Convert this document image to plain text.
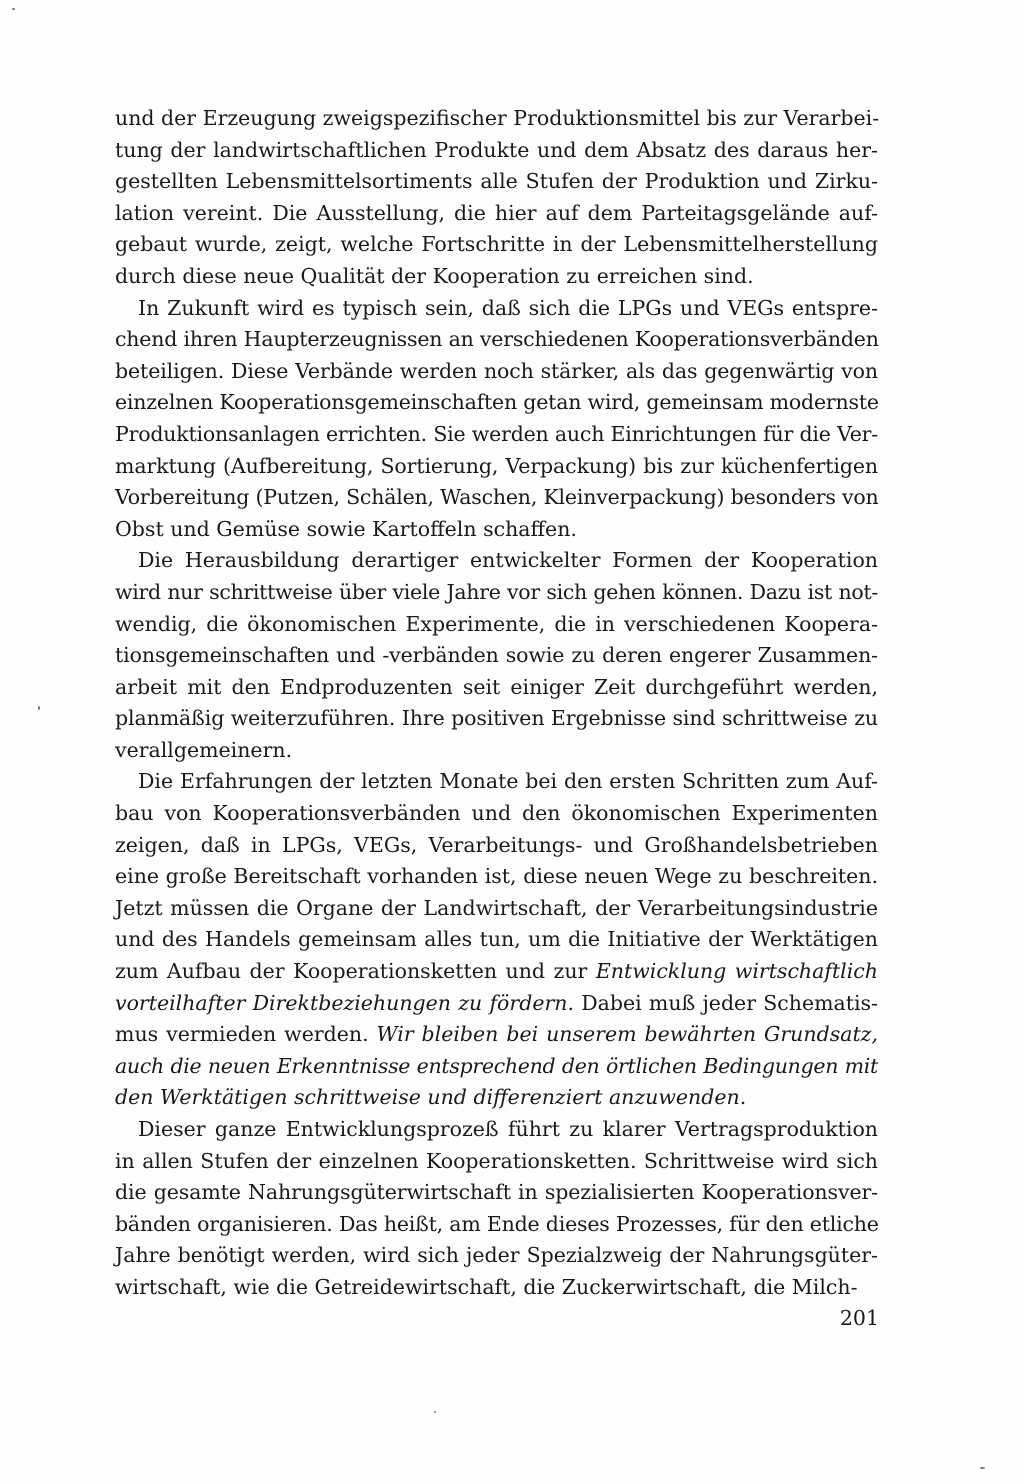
und der Erzeugung zweigspezifischer Produktionsmittel bis zur Verarbei-
tung der landwirtschaftlichen Produkte und dem Absatz des daraus her-
gestellten Lebensmittelsortiments alle Stufen der Produktion und Zirku-
lation vereint. Die Ausstellung, die hier auf dem Parteitagsgelände auf-
gebaut wurde, zeigt, welche Fortschritte in der Lebensmittelherstellung
durch diese neue Qualität der Kooperation zu erreichen sind.
In Zukunft wird es typisch sein, daß sich die LPGs und VEGs entspre-
chend ihren Haupterzeugnissen an verschiedenen Kooperationsverbänden
beteiligen. Diese Verbände werden noch stärker, als das gegenwärtig von
einzelnen Kooperationsgemeinschaften getan wird, gemeinsam modernste
Produktionsanlagen errichten. Sie werden auch Einrichtungen für die Ver-
marktung (Aufbereitung, Sortierung, Verpackung) bis zur küchenfertigen
Vorbereitung (Putzen, Schälen, Waschen, Kleinverpackung) besonders von
Obst und Gemüse sowie Kartoffeln schaffen.
Die Herausbildung derartiger entwickelter Formen der Kooperation
wird nur schrittweise über viele Jahre vor sich gehen können. Dazu ist not-
wendig, die ökonomischen Experimente, die in verschiedenen Koopera-
tionsgemeinschaften und -verbänden sowie zu deren engerer Zusammen-
arbeit mit den Endproduzenten seit einiger Zeit durchgeführt werden,
planmäßig weiterzuführen. Ihre positiven Ergebnisse sind schrittweise zu
verallgemeinern.
Die Erfahrungen der letzten Monate bei den ersten Schritten zum Auf-
bau von Kooperationsverbänden und den ökonomischen Experimenten
zeigen, daß in LPGs, VEGs, Verarbeitungs- und Großhandelsbetrieben
eine große Bereitschaft vorhanden ist, diese neuen Wege zu beschreiten.
Jetzt müssen die Organe der Landwirtschaft, der Verarbeitungsindustrie
und des Handels gemeinsam alles tun, um die Initiative der Werktätigen
zum Aufbau der Kooperationsketten und zur Entwicklung wirtschaftlich
vorteilhafter Direktbeziehungen zu fördern. Dabei muß jeder Schematis-
mus vermieden werden. Wir bleiben bei unserem bewährten Grundsatz,
auch die neuen Erkenntnisse entsprechend den örtlichen Bedingungen mit
den Werktätigen schrittweise und differenziert anzuwenden.
Dieser ganze Entwicklungsprozeß führt zu klarer Vertragsproduktion
in allen Stufen der einzelnen Kooperationsketten. Schrittweise wird sich
die gesamte Nahrungsgüterwirtschaft in spezialisierten Kooperationsver-
bänden organisieren. Das heißt, am Ende dieses Prozesses, für den etliche
Jahre benötigt werden, wird sich jeder Spezialzweig der Nahrungsgüter-
wirtschaft, wie die Getreidewirtschaft, die Zuckerwirtschaft, die Milch-
201
